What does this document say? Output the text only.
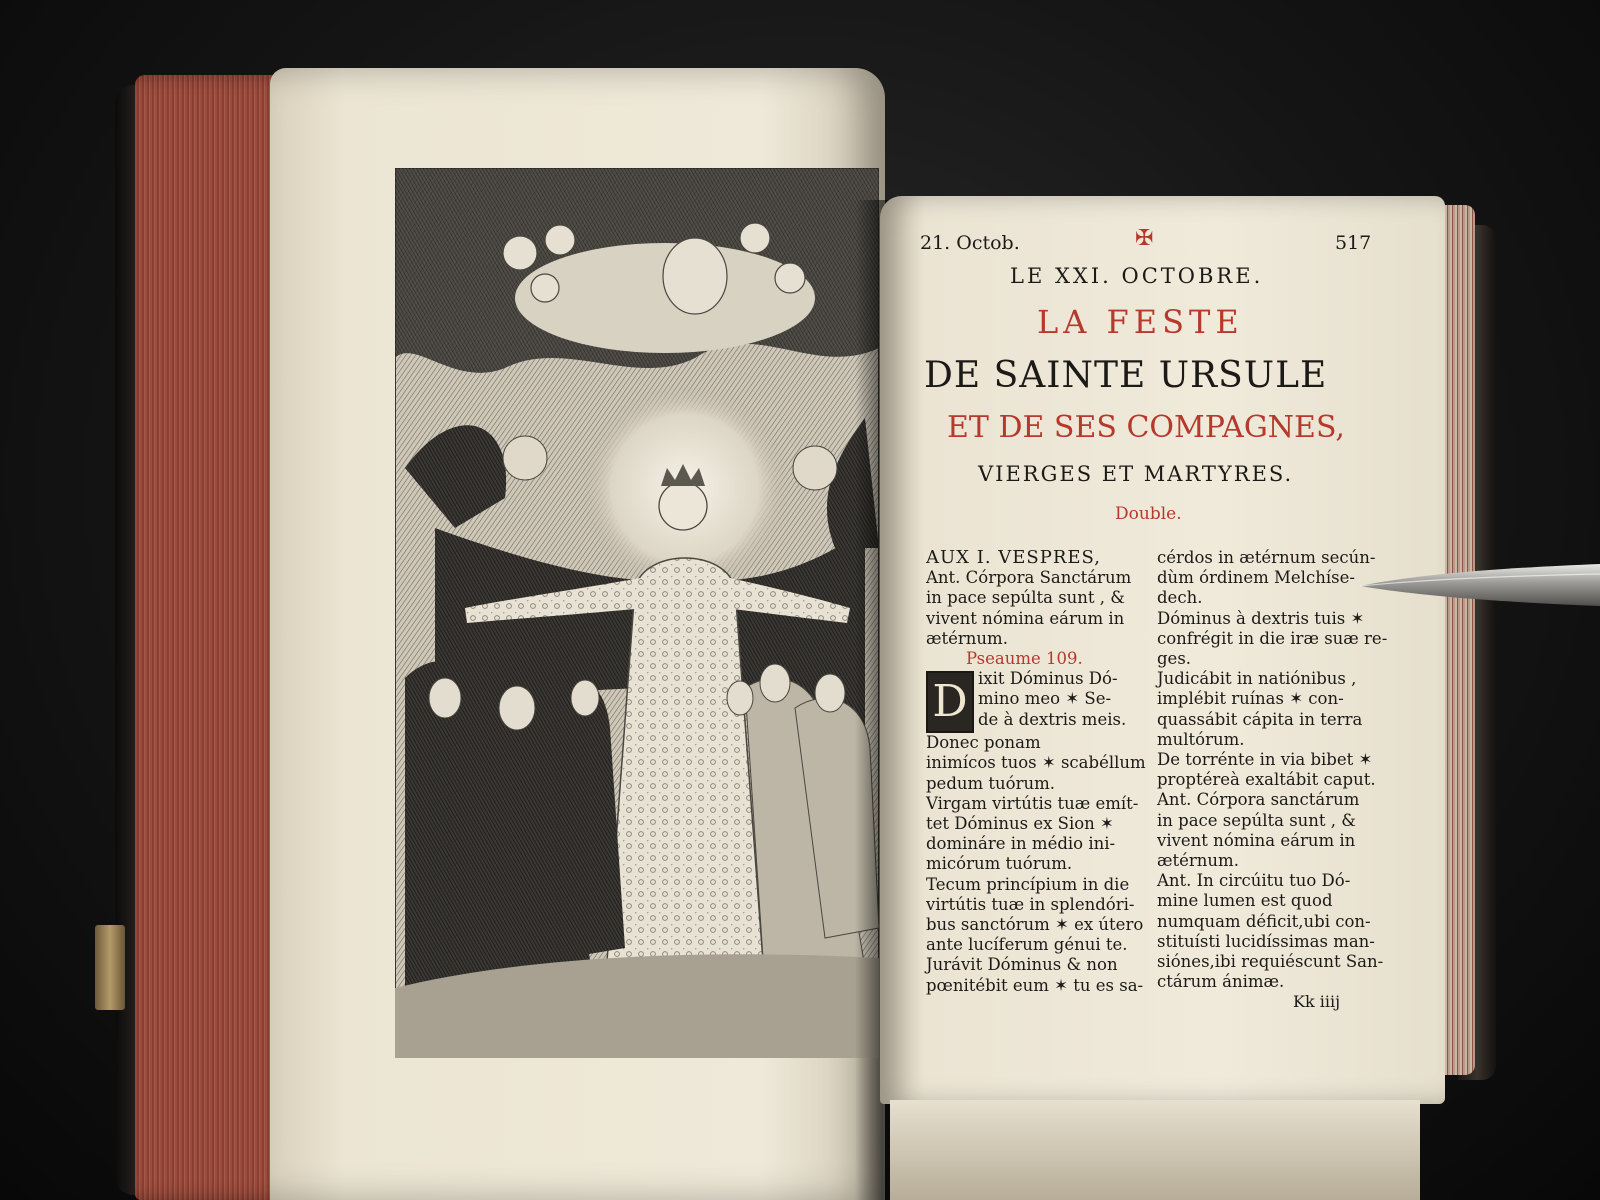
21. Octob.	✠	517
LE XXI. OCTOBRE.
LA FESTE
DE SAINTE URSULE
ET DE SES COMPAGNES,
VIERGES ET MARTYRES.
Double.
AUX I. VESPRES,
Ant. Córpora Sanctárum
in pace sepúlta sunt , &
vivent nómina eárum in
ætérnum.
Pseaume 109.
D ixit Dóminus Dó-
mino meo ✶ Se-
de à dextris meis.
Donec ponam
inimícos tuos ✶ scabéllum
pedum tuórum.
Virgam virtútis tuæ emít-
tet Dóminus ex Sion ✶
domináre in médio ini-
micórum tuórum.
Tecum princípium in die
virtútis tuæ in splendóri-
bus sanctórum ✶ ex útero
ante lucíferum génui te.
Jurávit Dóminus & non
pœnitébit eum ✶ tu es sa-
cérdos in ætérnum secún-
dùm órdinem Melchíse-
dech.
Dóminus à dextris tuis ✶
confrégit in die iræ suæ re-
ges.
Judicábit in natiónibus ,
implébit ruínas ✶ con-
quassábit cápita in terra
multórum.
De torrénte in via bibet ✶
proptéreà exaltábit caput.
Ant. Córpora sanctárum
in pace sepúlta sunt , &
vivent nómina eárum in
ætérnum.
Ant. In circúitu tuo Dó-
mine lumen est quod
numquam déficit,ubi con-
stituísti lucidíssimas man-
siónes,ibi requiéscunt San-
ctárum ánimæ.
Kk iiij
